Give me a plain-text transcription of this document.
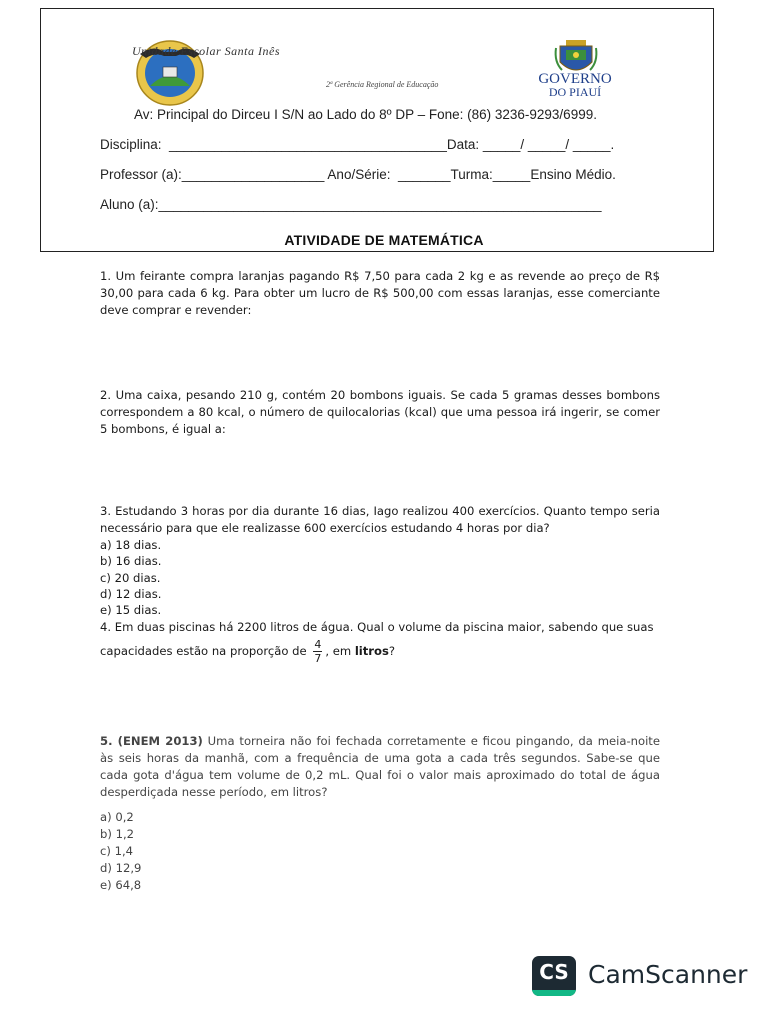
Unidade Escolar Santa Inês
2ª Gerência Regional de Educação	GOVERNO
DO PIAUÍ
Av: Principal do Dirceu I S/N ao Lado do 8º DP – Fone: (86) 3236-9293/6999.
Disciplina:  _____________________________________Data: _____/ _____/ _____.
Professor (a):___________________ Ano/Série:  _______Turma:_____Ensino Médio.
Aluno (a):___________________________________________________________
ATIVIDADE DE MATEMÁTICA
1. Um feirante compra laranjas pagando R$ 7,50 para cada 2 kg e as revende ao preço de R$ 30,00 para cada 6 kg. Para obter um lucro de R$ 500,00 com essas laranjas, esse comerciante deve comprar e revender:
2. Uma caixa, pesando 210 g, contém 20 bombons iguais. Se cada 5 gramas desses bombons correspondem a 80 kcal, o número de quilocalorias (kcal) que uma pessoa irá ingerir, se comer 5 bombons, é igual a:
3. Estudando 3 horas por dia durante 16 dias, Iago realizou 400 exercícios. Quanto tempo seria necessário para que ele realizasse 600 exercícios estudando 4 horas por dia?
a) 18 dias.
b) 16 dias.
c) 20 dias.
d) 12 dias.
e) 15 dias.
4. Em duas piscinas há 2200 litros de água. Qual o volume da piscina maior, sabendo que suas
capacidades estão na proporção de $\frac{4}{7}$ , em litros?
5. (ENEM 2013) Uma torneira não foi fechada corretamente e ficou pingando, da meia-noite às seis horas da manhã, com a frequência de uma gota a cada três segundos. Sabe-se que cada gota d'água tem volume de 0,2 mL. Qual foi o valor mais aproximado do total de água desperdiçada nesse período, em litros?
a) 0,2
b) 1,2
c) 1,4
d) 12,9
e) 64,8
CS CamScanner
